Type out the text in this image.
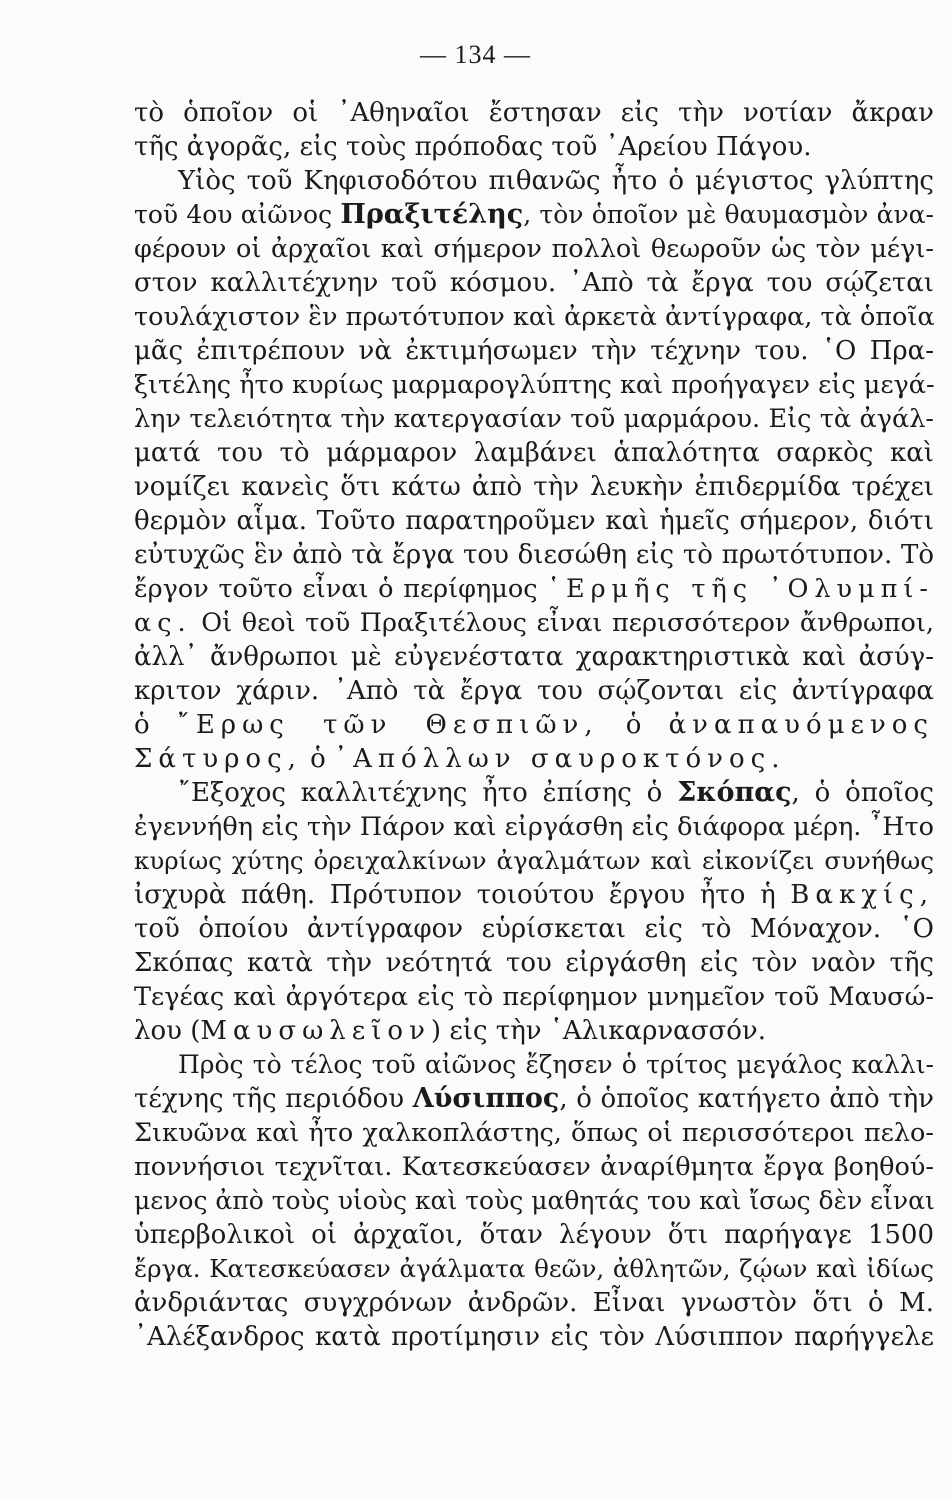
— 134 —
τὸ ὁποῖον οἱ ᾿Αθηναῖοι ἔστησαν εἰς τὴν νοτίαν ἄκραν
τῆς ἀγορᾶς, εἰς τοὺς πρόποδας τοῦ ᾿Αρείου Πάγου.
Υἱὸς τοῦ Κηφισοδότου πιθανῶς ἦτο ὁ μέγιστος γλύπτης
τοῦ 4ου αἰῶνος Πραξιτέλης, τὸν ὁποῖον μὲ θαυμασμὸν ἀνα-
φέρουν οἱ ἀρχαῖοι καὶ σήμερον πολλοὶ θεωροῦν ὡς τὸν μέγι-
στον καλλιτέχνην τοῦ κόσμου. ᾿Απὸ τὰ ἔργα του σῴζεται
τουλάχιστον ἓν πρωτότυπον καὶ ἀρκετὰ ἀντίγραφα, τὰ ὁποῖα
μᾶς ἐπιτρέπουν νὰ ἐκτιμήσωμεν τὴν τέχνην του. ῾Ο Πρα-
ξιτέλης ἦτο κυρίως μαρμαρογλύπτης καὶ προήγαγεν εἰς μεγά-
λην τελειότητα τὴν κατεργασίαν τοῦ μαρμάρου. Εἰς τὰ ἀγάλ-
ματά του τὸ μάρμαρον λαμβάνει ἁπαλότητα σαρκὸς καὶ
νομίζει κανεὶς ὅτι κάτω ἀπὸ τὴν λευκὴν ἐπιδερμίδα τρέχει
θερμὸν αἷμα. Τοῦτο παρατηροῦμεν καὶ ἡμεῖς σήμερον, διότι
εὐτυχῶς ἓν ἀπὸ τὰ ἔργα του διεσώθη εἰς τὸ πρωτότυπον. Τὸ
ἔργον τοῦτο εἶναι ὁ περίφημος ῾Ερμῆς τῆς ᾿Ολυμπί-
ας. Οἱ θεοὶ τοῦ Πραξιτέλους εἶναι περισσότερον ἄνθρωποι,
ἀλλ᾿ ἄνθρωποι μὲ εὐγενέστατα χαρακτηριστικὰ καὶ ἀσύγ-
κριτον χάριν. ᾿Απὸ τὰ ἔργα του σῴζονται εἰς ἀντίγραφα
ὁ ῎Ερως τῶν Θεσπιῶν, ὁ ἀναπαυόμενος
Σάτυρος, ὁ ᾿Απόλλων σαυροκτόνος.
῎Εξοχος καλλιτέχνης ἦτο ἐπίσης ὁ Σκόπας, ὁ ὁποῖος
ἐγεννήθη εἰς τὴν Πάρον καὶ εἰργάσθη εἰς διάφορα μέρη. ῏Ητο
κυρίως χύτης ὀρειχαλκίνων ἀγαλμάτων καὶ εἰκονίζει συνήθως
ἰσχυρὰ πάθη. Πρότυπον τοιούτου ἔργου ἦτο ἡ Βακχίς,
τοῦ ὁποίου ἀντίγραφον εὑρίσκεται εἰς τὸ Μόναχον. ῾Ο
Σκόπας κατὰ τὴν νεότητά του εἰργάσθη εἰς τὸν ναὸν τῆς
Τεγέας καὶ ἀργότερα εἰς τὸ περίφημον μνημεῖον τοῦ Μαυσώ-
λου (Μαυσωλεῖον) εἰς τὴν ῾Αλικαρνασσόν.
Πρὸς τὸ τέλος τοῦ αἰῶνος ἔζησεν ὁ τρίτος μεγάλος καλλι-
τέχνης τῆς περιόδου Λύσιππος, ὁ ὁποῖος κατήγετο ἀπὸ τὴν
Σικυῶνα καὶ ἦτο χαλκοπλάστης, ὅπως οἱ περισσότεροι πελο-
ποννήσιοι τεχνῖται. Κατεσκεύασεν ἀναρίθμητα ἔργα βοηθού-
μενος ἀπὸ τοὺς υἱοὺς καὶ τοὺς μαθητάς του καὶ ἴσως δὲν εἶναι
ὑπερβολικοὶ οἱ ἀρχαῖοι, ὅταν λέγουν ὅτι παρήγαγε 1500
ἔργα. Κατεσκεύασεν ἀγάλματα θεῶν, ἀθλητῶν, ζῴων καὶ ἰδίως
ἀνδριάντας συγχρόνων ἀνδρῶν. Εἶναι γνωστὸν ὅτι ὁ Μ.
᾿Αλέξανδρος κατὰ προτίμησιν εἰς τὸν Λύσιππον παρήγγελε
